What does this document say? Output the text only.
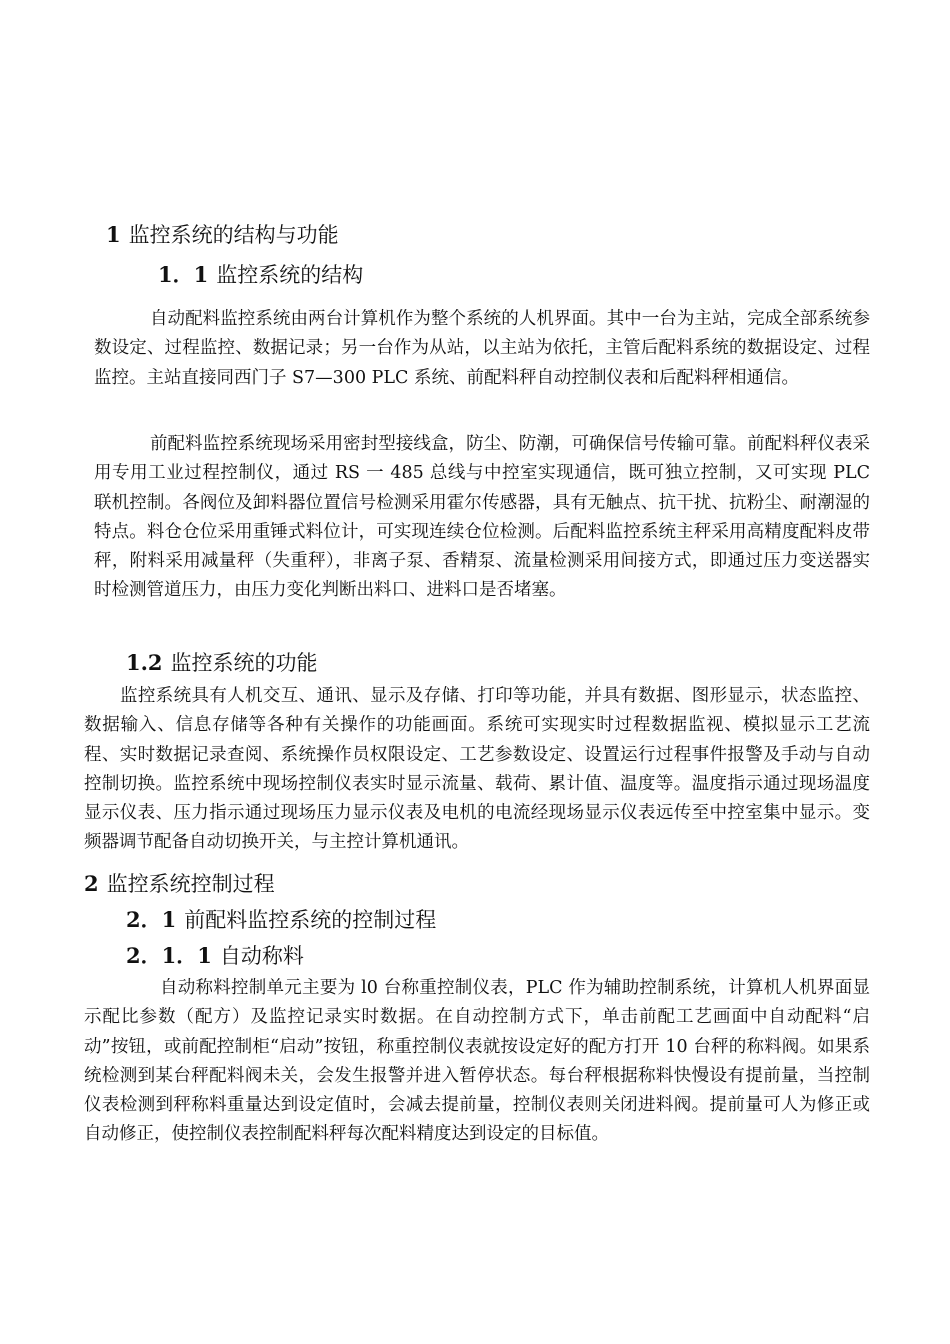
1 监控系统的结构与功能
1．1 监控系统的结构

自动配料监控系统由两台计算机作为整个系统的人机界面。其中一台为主站，完成全部系统参数设定、过程监控、数据记录；另一台作为从站，以主站为依托，主管后配料系统的数据设定、过程监控。主站直接同西门子 S7—300 PLC 系统、前配料秤自动控制仪表和后配料秤相通信。

前配料监控系统现场采用密封型接线盒，防尘、防潮，可确保信号传输可靠。前配料秤仪表采用专用工业过程控制仪，通过 RS 一 485 总线与中控室实现通信，既可独立控制，又可实现 PLC 联机控制。各阀位及卸料器位置信号检测采用霍尔传感器，具有无触点、抗干扰、抗粉尘、耐潮湿的特点。料仓仓位采用重锤式料位计，可实现连续仓位检测。后配料监控系统主秤采用高精度配料皮带秤，附料采用减量秤（失重秤），非离子泵、香精泵、流量检测采用间接方式，即通过压力变送器实时检测管道压力，由压力变化判断出料口、进料口是否堵塞。

1.2 监控系统的功能

监控系统具有人机交互、通讯、显示及存储、打印等功能，并具有数据、图形显示，状态监控、数据输入、信息存储等各种有关操作的功能画面。系统可实现实时过程数据监视、模拟显示工艺流程、实时数据记录查阅、系统操作员权限设定、工艺参数设定、设置运行过程事件报警及手动与自动控制切换。监控系统中现场控制仪表实时显示流量、载荷、累计值、温度等。温度指示通过现场温度显示仪表、压力指示通过现场压力显示仪表及电机的电流经现场显示仪表远传至中控室集中显示。变频器调节配备自动切换开关，与主控计算机通讯。

2 监控系统控制过程
2．1 前配料监控系统的控制过程
2．1．1 自动称料

自动称料控制单元主要为 l0 台称重控制仪表，PLC 作为辅助控制系统，计算机人机界面显示配比参数（配方）及监控记录实时数据。在自动控制方式下，单击前配工艺画面中自动配料“启动”按钮，或前配控制柜“启动”按钮，称重控制仪表就按设定好的配方打开 10 台秤的称料阀。如果系统检测到某台秤配料阀未关，会发生报警并进入暂停状态。每台秤根据称料快慢设有提前量，当控制仪表检测到秤称料重量达到设定值时，会减去提前量，控制仪表则关闭进料阀。提前量可人为修正或自动修正，使控制仪表控制配料秤每次配料精度达到设定的目标值。
